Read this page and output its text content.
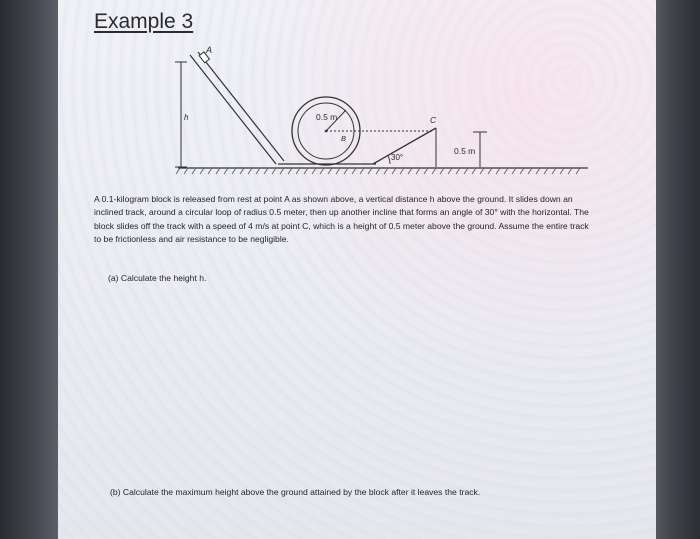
Example 3
A
h	0.5 m
B
C
30°
0.5 m

A 0.1-kilogram block is released from rest at point A as shown above, a vertical distance h above the ground. It slides down an inclined track, around a circular loop of radius 0.5 meter, then up another incline that forms an angle of 30° with the horizontal. The block slides off the track with a speed of 4 m/s at point C, which is a height of 0.5 meter above the ground. Assume the entire track to be frictionless and air resistance to be negligible.

(a) Calculate the height h.

(b) Calculate the maximum height above the ground attained by the block after it leaves the track.
